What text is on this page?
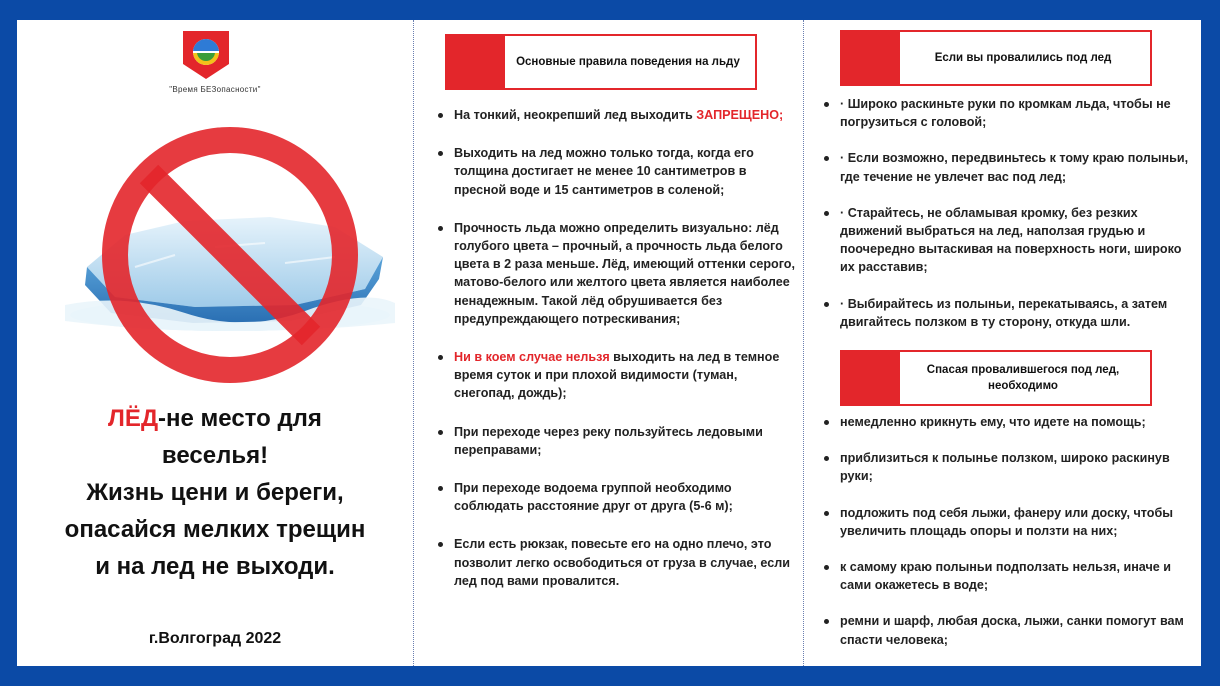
"Время БЕЗопасности"
ЛЁД-не место для
веселья!
Жизнь цени и береги,
опасайся мелких трещин
и на лед не выходи.
г.Волгоград 2022
Основные правила поведения на льду
На тонкий, неокрепший лед выходить ЗАПРЕЩЕНО;
Выходить на лед можно только тогда, когда его толщина достигает не менее 10 сантиметров в пресной воде и 15 сантиметров в соленой;
Прочность льда можно определить визуально: лёд голубого цвета – прочный, а прочность льда белого цвета в 2 раза меньше. Лёд, имеющий оттенки серого, матово-белого или желтого цвета является наиболее ненадежным. Такой лёд обрушивается без предупреждающего потрескивания;
Ни в коем случае нельзя выходить на лед в темное время суток и при плохой видимости (туман, снегопад, дождь);
При переходе через реку пользуйтесь ледовыми переправами;
При переходе водоема группой необходимо соблюдать расстояние друг от друга (5-6 м);
Если есть рюкзак, повесьте его на одно плечо, это позволит легко освободиться от груза в случае, если лед под вами провалится.
Если вы провалились под лед
· Широко раскиньте руки по кромкам льда, чтобы не погрузиться с головой;
· Если возможно, передвиньтесь к тому краю полыньи, где течение не увлечет вас под лед;
· Старайтесь, не обламывая кромку, без резких движений выбраться на лед, наползая грудью и поочередно вытаскивая на поверхность ноги, широко их расставив;
· Выбирайтесь из полыньи, перекатываясь, а затем двигайтесь ползком в ту сторону, откуда шли.
Спасая провалившегося под лед, необходимо
немедленно крикнуть ему, что идете на помощь;
приблизиться к полынье ползком, широко раскинув руки;
подложить под себя лыжи, фанеру или доску, чтобы увеличить площадь опоры и ползти на них;
к самому краю полыньи подползать нельзя, иначе и сами окажетесь в воде;
ремни и шарф, любая доска, лыжи, санки помогут вам спасти человека;
